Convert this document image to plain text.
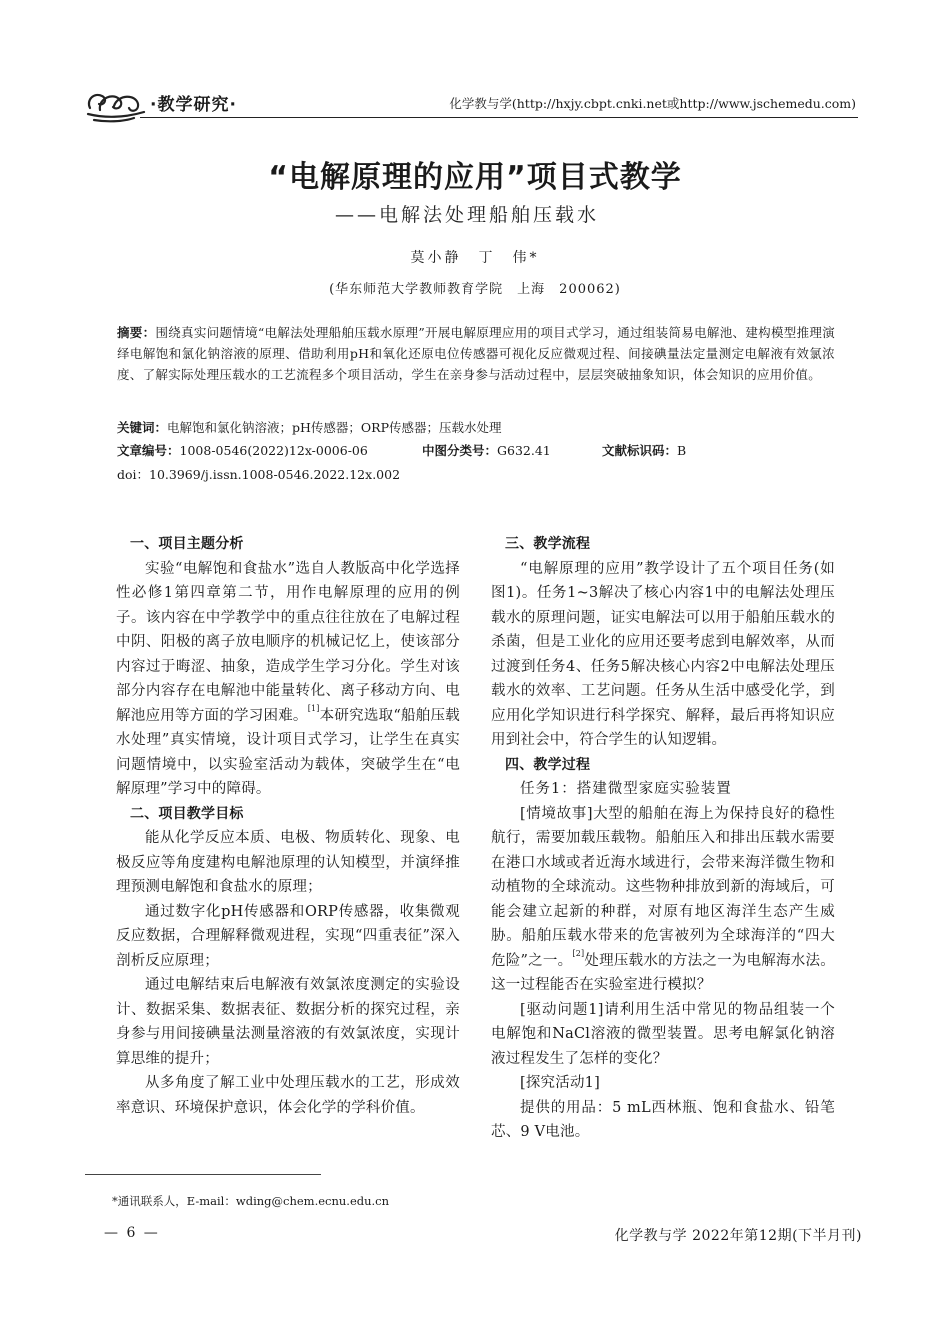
·教学研究·	化学教与学(http://hxjy.cbpt.cnki.net或http://www.jschemedu.com)
“电解原理的应用”项目式教学
——电解法处理船舶压载水
莫小静　丁　伟*
(华东师范大学教师教育学院　上海　200062)
摘要：围绕真实问题情境“电解法处理船舶压载水原理”开展电解原理应用的项目式学习，通过组装简易电解池、建构模型推理演绎电解饱和氯化钠溶液的原理、借助利用pH和氧化还原电位传感器可视化反应微观过程、间接碘量法定量测定电解液有效氯浓度、了解实际处理压载水的工艺流程多个项目活动，学生在亲身参与活动过程中，层层突破抽象知识，体会知识的应用价值。
关键词：电解饱和氯化钠溶液；pH传感器；ORP传感器；压载水处理
文章编号：1008-0546(2022)12x-0006-06	中图分类号：G632.41	文献标识码：B
doi：10.3969/j.issn.1008-0546.2022.12x.002

一、项目主题分析

实验“电解饱和食盐水”选自人教版高中化学选择性必修1第四章第二节，用作电解原理的应用的例子。该内容在中学教学中的重点往往放在了电解过程中阴、阳极的离子放电顺序的机械记忆上，使该部分内容过于晦涩、抽象，造成学生学习分化。学生对该部分内容存在电解池中能量转化、离子移动方向、电解池应用等方面的学习困难。[1]本研究选取“船舶压载水处理”真实情境，设计项目式学习，让学生在真实问题情境中，以实验室活动为载体，突破学生在“电解原理”学习中的障碍。

二、项目教学目标

能从化学反应本质、电极、物质转化、现象、电极反应等角度建构电解池原理的认知模型，并演绎推理预测电解饱和食盐水的原理；

通过数字化pH传感器和ORP传感器，收集微观反应数据，合理解释微观进程，实现“四重表征”深入剖析反应原理；

通过电解结束后电解液有效氯浓度测定的实验设计、数据采集、数据表征、数据分析的探究过程，亲身参与用间接碘量法测量溶液的有效氯浓度，实现计算思维的提升；

从多角度了解工业中处理压载水的工艺，形成效率意识、环境保护意识，体会化学的学科价值。

三、教学流程

“电解原理的应用”教学设计了五个项目任务(如图1)。任务1~3解决了核心内容1中的电解法处理压载水的原理问题，证实电解法可以用于船舶压载水的杀菌，但是工业化的应用还要考虑到电解效率，从而过渡到任务4、任务5解决核心内容2中电解法处理压载水的效率、工艺问题。任务从生活中感受化学，到应用化学知识进行科学探究、解释，最后再将知识应用到社会中，符合学生的认知逻辑。

四、教学过程

任务1：搭建微型家庭实验装置

[情境故事]大型的船舶在海上为保持良好的稳性航行，需要加载压载物。船舶压入和排出压载水需要在港口水域或者近海水域进行，会带来海洋微生物和动植物的全球流动。这些物种排放到新的海域后，可能会建立起新的种群，对原有地区海洋生态产生威胁。船舶压载水带来的危害被列为全球海洋的“四大危险”之一。[2]处理压载水的方法之一为电解海水法。这一过程能否在实验室进行模拟？

[驱动问题1]请利用生活中常见的物品组装一个电解饱和NaCl溶液的微型装置。思考电解氯化钠溶液过程发生了怎样的变化？

[探究活动1]

提供的用品：5 mL西林瓶、饱和食盐水、铅笔芯、9 V电池。

*通讯联系人，E-mail：wding@chem.ecnu.edu.cn
— 6 —	化学教与学 2022年第12期(下半月刊)
